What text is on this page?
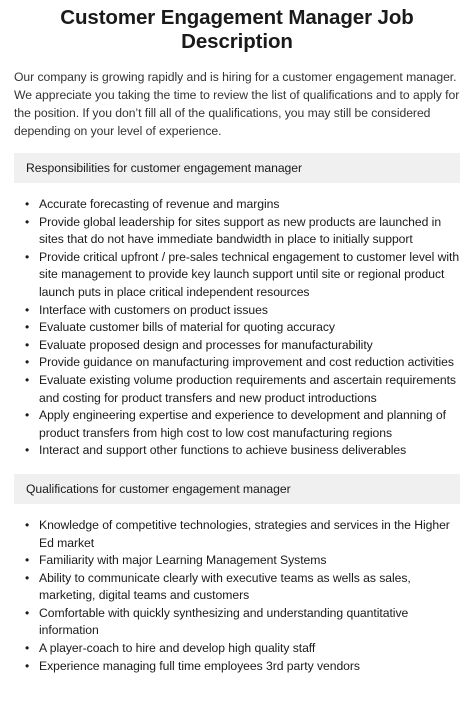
Customer Engagement Manager Job Description

Our company is growing rapidly and is hiring for a customer engagement manager. We appreciate you taking the time to review the list of qualifications and to apply for the position. If you don’t fill all of the qualifications, you may still be considered depending on your level of experience.

Responsibilities for customer engagement manager
• Accurate forecasting of revenue and margins
• Provide global leadership for sites support as new products are launched in sites that do not have immediate bandwidth in place to initially support
• Provide critical upfront / pre-sales technical engagement to customer level with site management to provide key launch support until site or regional product launch puts in place critical independent resources
• Interface with customers on product issues
• Evaluate customer bills of material for quoting accuracy
• Evaluate proposed design and processes for manufacturability
• Provide guidance on manufacturing improvement and cost reduction activities
• Evaluate existing volume production requirements and ascertain requirements and costing for product transfers and new product introductions
• Apply engineering expertise and experience to development and planning of product transfers from high cost to low cost manufacturing regions
• Interact and support other functions to achieve business deliverables
Qualifications for customer engagement manager
• Knowledge of competitive technologies, strategies and services in the Higher Ed market
• Familiarity with major Learning Management Systems
• Ability to communicate clearly with executive teams as wells as sales, marketing, digital teams and customers
• Comfortable with quickly synthesizing and understanding quantitative information
• A player-coach to hire and develop high quality staff
• Experience managing full time employees 3rd party vendors
